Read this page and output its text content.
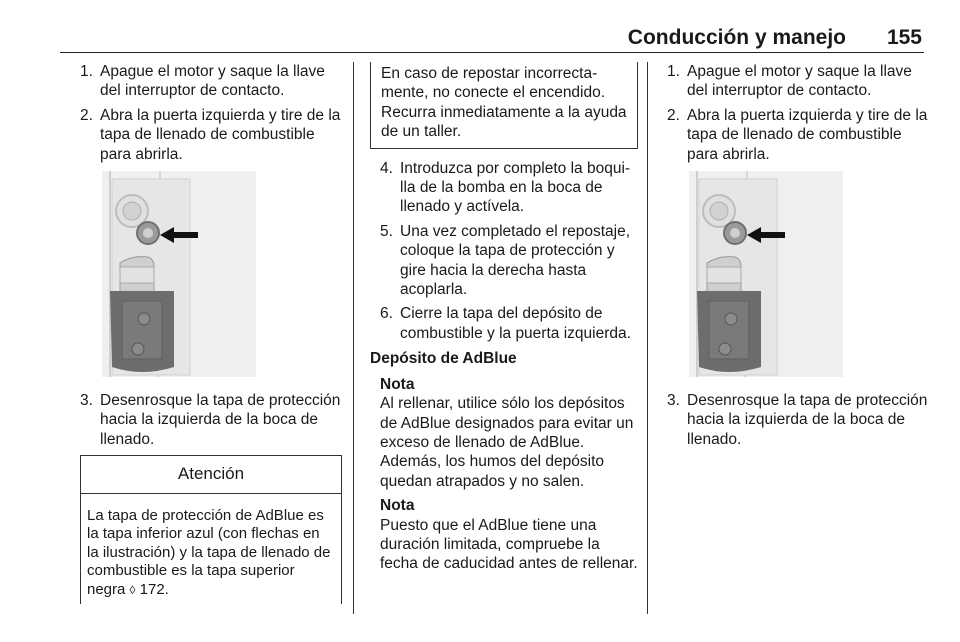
Conducción y manejo 155
1. Apague el motor y saque la llave del interruptor de contacto.
2. Abra la puerta izquierda y tire de la tapa de llenado de combustible para abrirla.
3. Desenrosque la tapa de protección hacia la izquierda de la boca de llenado.
Atención
La tapa de protección de AdBlue es la tapa inferior azul (con flechas en la ilustración) y la tapa de llenado de combustible es la tapa superior negra ◊ 172.
En caso de repostar incorrectamente, no conecte el encendido. Recurra inmediatamente a la ayuda de un taller.
4. Introduzca por completo la boquilla de la bomba en la boca de llenado y actívela.
5. Una vez completado el repostaje, coloque la tapa de protección y gire hacia la derecha hasta acoplarla.
6. Cierre la tapa del depósito de combustible y la puerta izquierda.
Depósito de AdBlue
Nota
Al rellenar, utilice sólo los depósitos de AdBlue designados para evitar un exceso de llenado de AdBlue. Además, los humos del depósito quedan atrapados y no salen.
Nota
Puesto que el AdBlue tiene una duración limitada, compruebe la fecha de caducidad antes de rellenar.
1. Apague el motor y saque la llave del interruptor de contacto.
2. Abra la puerta izquierda y tire de la tapa de llenado de combustible para abrirla.
3. Desenrosque la tapa de protección hacia la izquierda de la boca de llenado.
